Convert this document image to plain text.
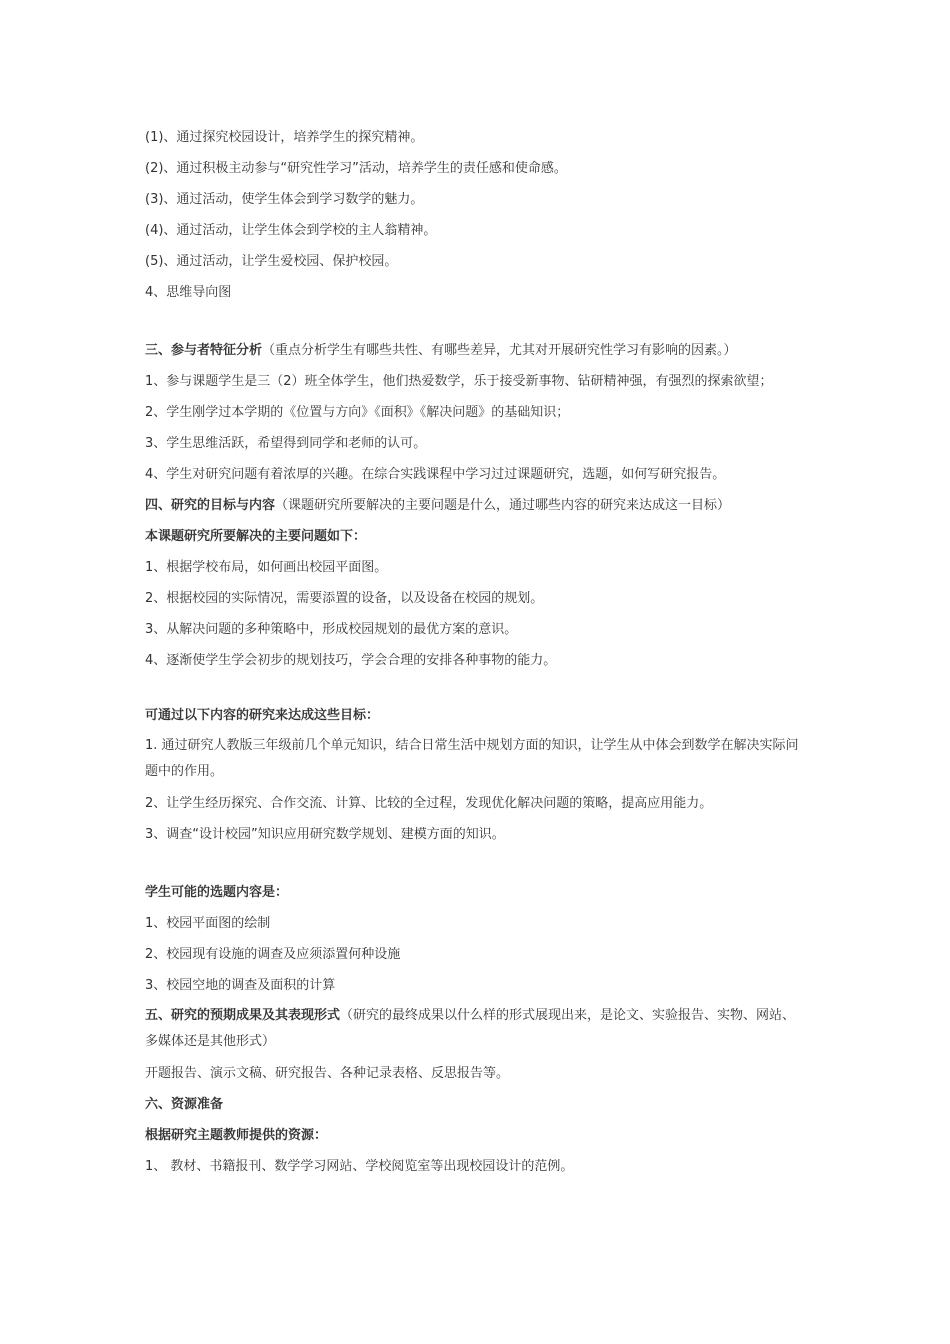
(1)、通过探究校园设计，培养学生的探究精神。
(2)、通过积极主动参与“研究性学习”活动，培养学生的责任感和使命感。
(3)、通过活动，使学生体会到学习数学的魅力。
(4)、通过活动，让学生体会到学校的主人翁精神。
(5)、通过活动，让学生爱校园、保护校园。
4、思维导向图
三、参与者特征分析（重点分析学生有哪些共性、有哪些差异，尤其对开展研究性学习有影响的因素。）
1、参与课题学生是三（2）班全体学生，他们热爱数学，乐于接受新事物、钻研精神强，有强烈的探索欲望；
2、学生刚学过本学期的《位置与方向》《面积》《解决问题》的基础知识；
3、学生思维活跃，希望得到同学和老师的认可。
4、学生对研究问题有着浓厚的兴趣。在综合实践课程中学习过过课题研究，选题，如何写研究报告。
四、研究的目标与内容（课题研究所要解决的主要问题是什么，通过哪些内容的研究来达成这一目标）
本课题研究所要解决的主要问题如下：
1、根据学校布局，如何画出校园平面图。
2、根据校园的实际情况，需要添置的设备，以及设备在校园的规划。
3、从解决问题的多种策略中，形成校园规划的最优方案的意识。
4、逐渐使学生学会初步的规划技巧，学会合理的安排各种事物的能力。
可通过以下内容的研究来达成这些目标：
1. 通过研究人教版三年级前几个单元知识，结合日常生活中规划方面的知识，让学生从中体会到数学在解决实际问题中的作用。
2、让学生经历探究、合作交流、计算、比较的全过程，发现优化解决问题的策略，提高应用能力。
3、调查“设计校园”知识应用研究数学规划、建模方面的知识。
学生可能的选题内容是：
1、校园平面图的绘制
2、校园现有设施的调查及应须添置何种设施
3、校园空地的调查及面积的计算
五、研究的预期成果及其表现形式（研究的最终成果以什么样的形式展现出来，是论文、实验报告、实物、网站、多媒体还是其他形式）
开题报告、演示文稿、研究报告、各种记录表格、反思报告等。
六、资源准备
根据研究主题教师提供的资源：
1、 教材、书籍报刊、数学学习网站、学校阅览室等出现校园设计的范例。
